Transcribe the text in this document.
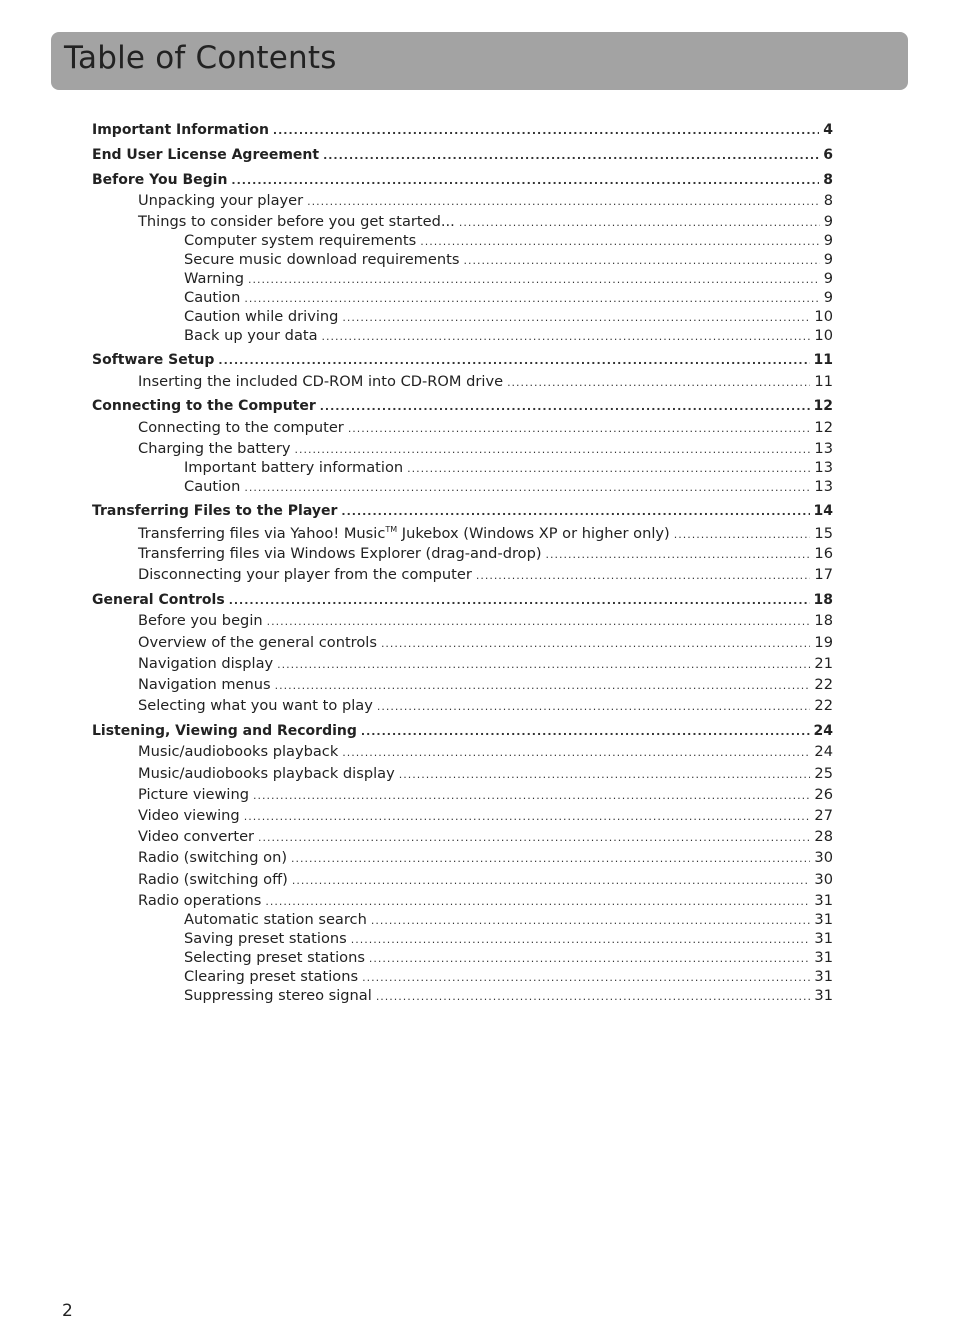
Table of Contents
Important Information .....	4
End User License Agreement .....	6
Before You Begin .....	8
Unpacking your player .....	8
Things to consider before you get started... .....	9
Computer system requirements .....	9
Secure music download requirements .....	9
Warning .....	9
Caution .....	9
Caution while driving .....	10
Back up your data .....	10
Software Setup .....	11
Inserting the included CD-ROM into CD-ROM drive .....	11
Connecting to the Computer .....	12
Connecting to the computer .....	12
Charging the battery .....	13
Important battery information .....	13
Caution .....	13
Transferring Files to the Player .....	14
Transferring files via Yahoo! Music™ Jukebox (Windows XP or higher only) .....	15
Transferring files via Windows Explorer (drag-and-drop) .....	16
Disconnecting your player from the computer .....	17
General Controls .....	18
Before you begin .....	18
Overview of the general controls .....	19
Navigation display .....	21
Navigation menus .....	22
Selecting what you want to play .....	22
Listening, Viewing and Recording .....	24
Music/audiobooks playback .....	24
Music/audiobooks playback display .....	25
Picture viewing .....	26
Video viewing .....	27
Video converter .....	28
Radio (switching on) .....	30
Radio (switching off) .....	30
Radio operations .....	31
Automatic station search .....	31
Saving preset stations .....	31
Selecting preset stations .....	31
Clearing preset stations .....	31
Suppressing stereo signal .....	31
2
